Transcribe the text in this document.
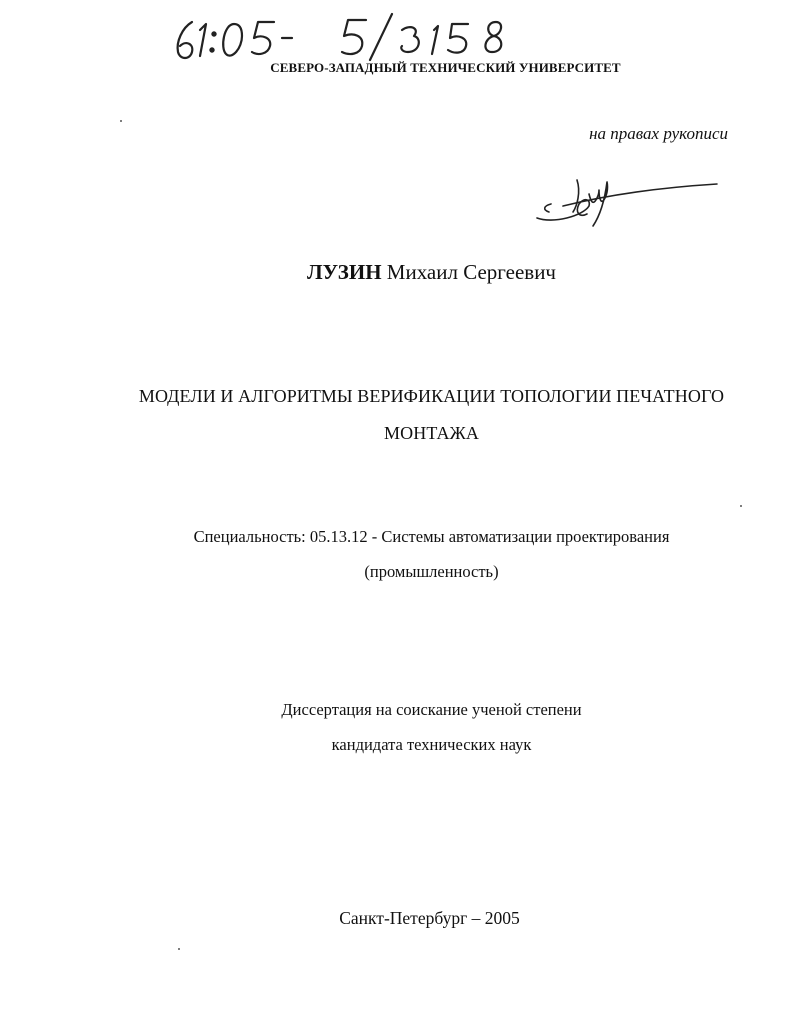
СЕВЕРО-ЗАПАДНЫЙ ТЕХНИЧЕСКИЙ УНИВЕРСИТЕТ
на правах рукописи
ЛУЗИН Михаил Сергеевич
МОДЕЛИ И АЛГОРИТМЫ ВЕРИФИКАЦИИ ТОПОЛОГИИ ПЕЧАТНОГО
МОНТАЖА
Специальность: 05.13.12 - Системы автоматизации проектирования
(промышленность)
Диссертация на соискание ученой степени
кандидата технических наук
Санкт-Петербург – 2005
